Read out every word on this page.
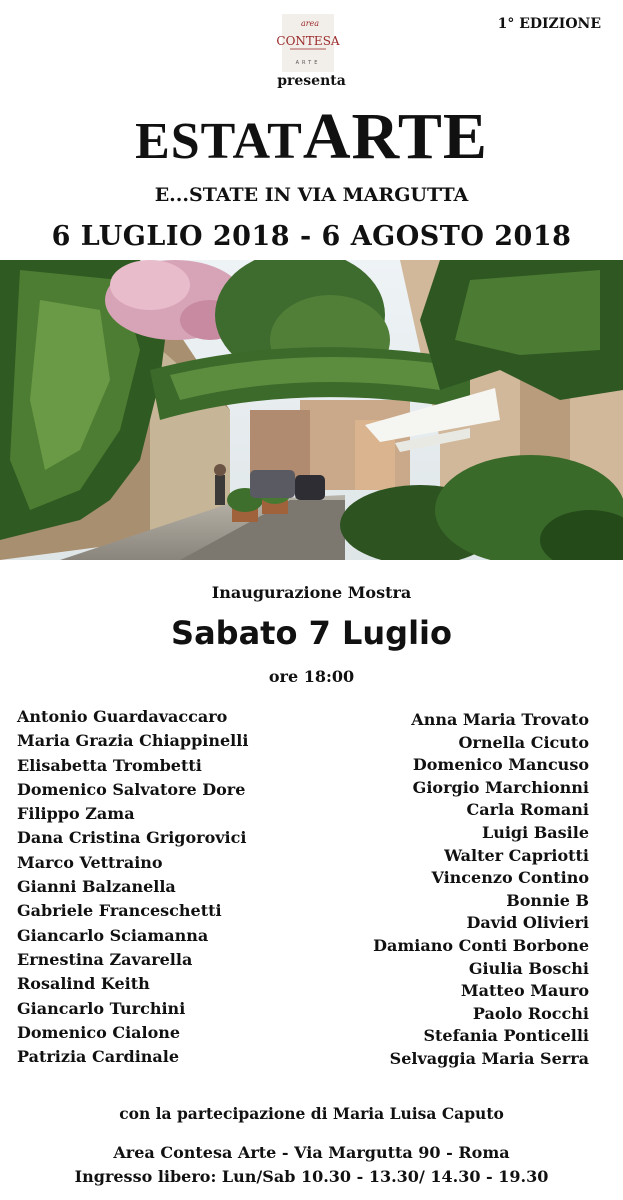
area
CONTESA
ARTE
1° EDIZIONE
presenta
ESTATARTE
E...STATE IN VIA MARGUTTA
6 LUGLIO 2018 - 6 AGOSTO 2018
Inaugurazione Mostra
Sabato 7 Luglio
ore 18:00
Antonio Guardavaccaro
Maria Grazia Chiappinelli
Elisabetta Trombetti
Domenico Salvatore Dore
Filippo Zama
Dana Cristina Grigorovici
Marco Vettraino
Gianni Balzanella
Gabriele Franceschetti
Giancarlo Sciamanna
Ernestina Zavarella
Rosalind Keith
Giancarlo Turchini
Domenico Cialone
Patrizia Cardinale
Anna Maria Trovato
Ornella Cicuto
Domenico Mancuso
Giorgio Marchionni
Carla Romani
Luigi Basile
Walter Capriotti
Vincenzo Contino
Bonnie B
David Olivieri
Damiano Conti Borbone
Giulia Boschi
Matteo Mauro
Paolo Rocchi
Stefania Ponticelli
Selvaggia Maria Serra
con la partecipazione di Maria Luisa Caputo
Area Contesa Arte - Via Margutta 90 - Roma
Ingresso libero: Lun/Sab 10.30 - 13.30/ 14.30 - 19.30
